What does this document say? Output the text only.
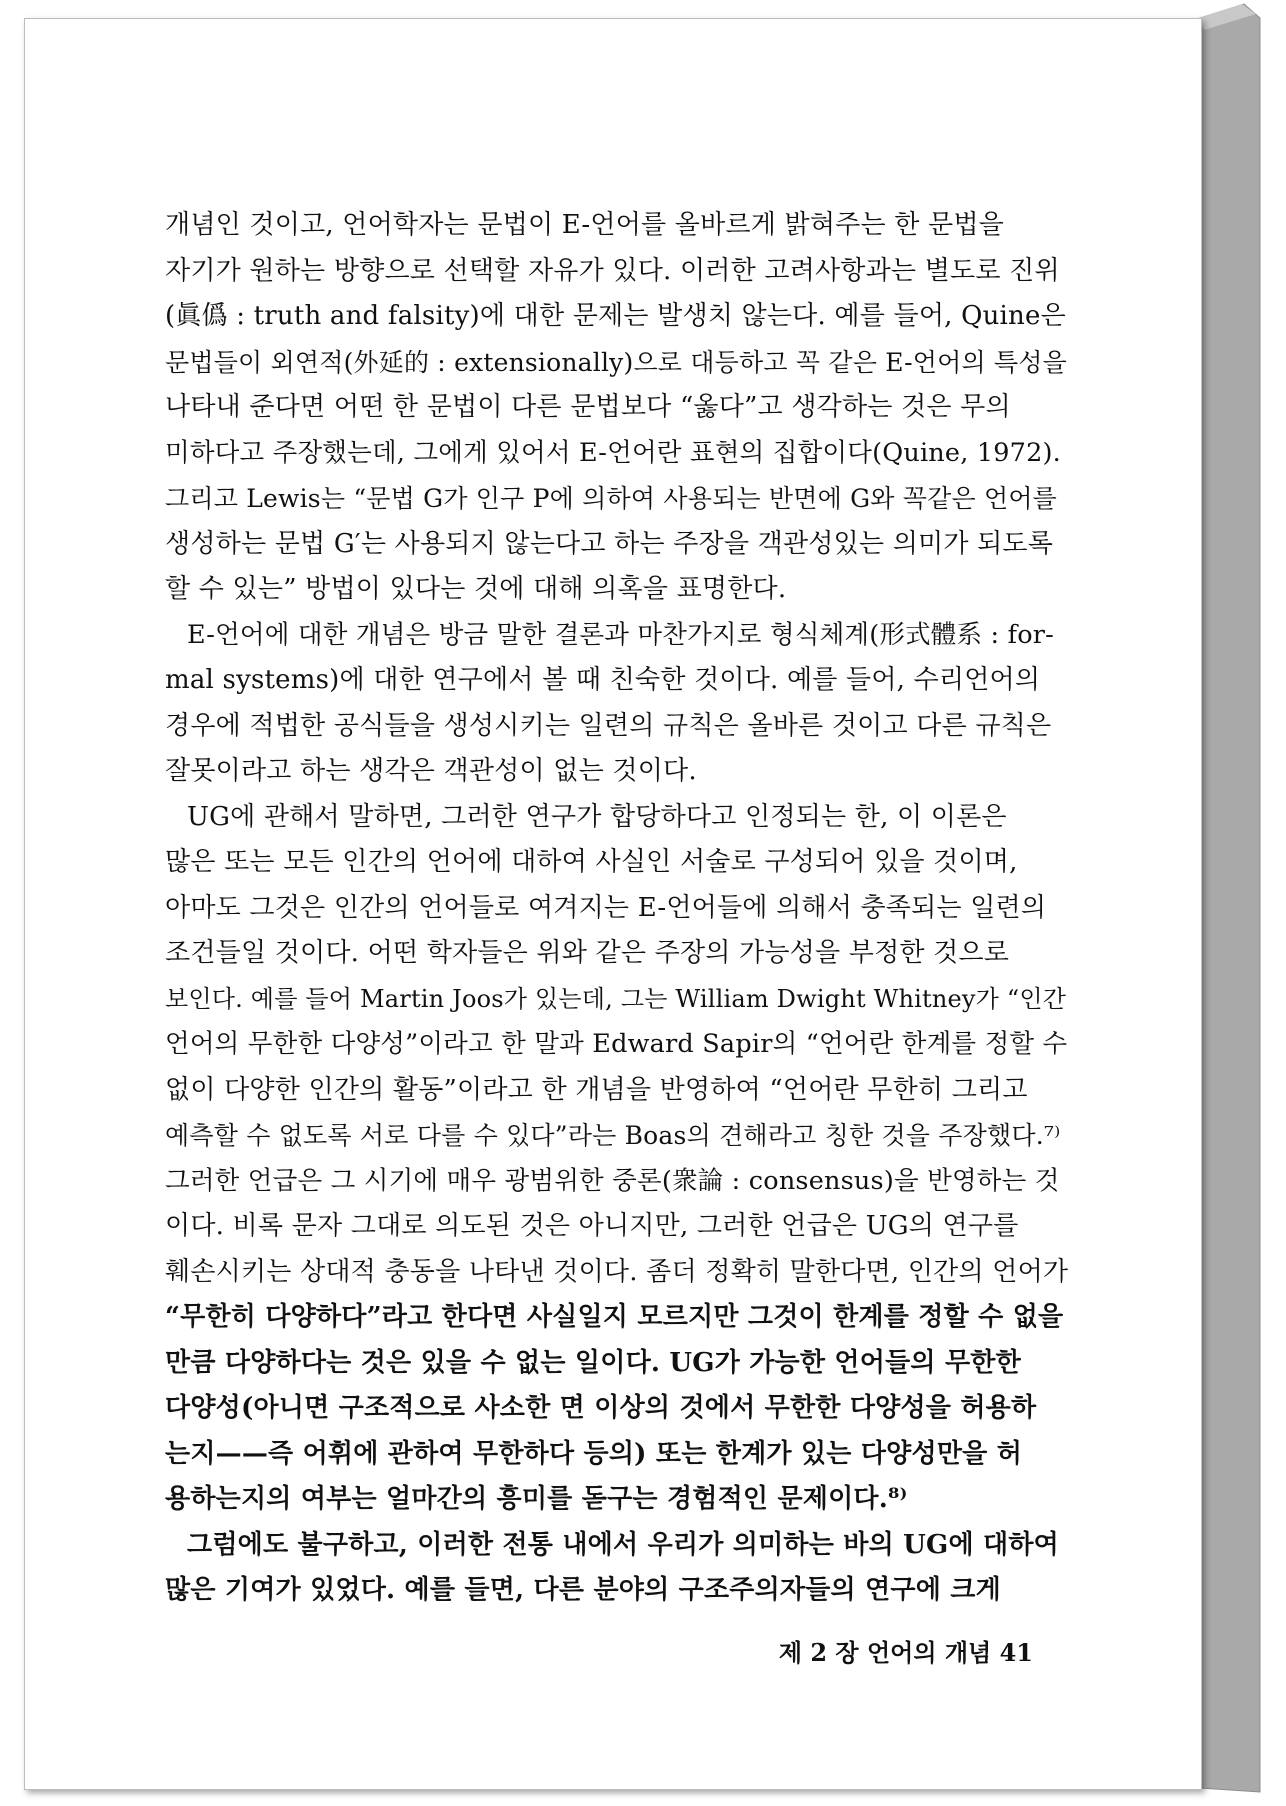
개념인 것이고, 언어학자는 문법이 E-언어를 올바르게 밝혀주는 한 문법을
자기가 원하는 방향으로 선택할 자유가 있다. 이러한 고려사항과는 별도로 진위
(眞僞 : truth and falsity)에 대한 문제는 발생치 않는다. 예를 들어, Quine은
문법들이 외연적(外延的 : extensionally)으로 대등하고 꼭 같은 E-언어의 특성을
나타내 준다면 어떤 한 문법이 다른 문법보다 “옳다”고 생각하는 것은 무의
미하다고 주장했는데, 그에게 있어서 E-언어란 표현의 집합이다(Quine, 1972).
그리고 Lewis는 “문법 G가 인구 P에 의하여 사용되는 반면에 G와 꼭같은 언어를
생성하는 문법 G′는 사용되지 않는다고 하는 주장을 객관성있는 의미가 되도록
할 수 있는” 방법이 있다는 것에 대해 의혹을 표명한다.
E-언어에 대한 개념은 방금 말한 결론과 마찬가지로 형식체계(形式體系 : for-
mal systems)에 대한 연구에서 볼 때 친숙한 것이다. 예를 들어, 수리언어의
경우에 적법한 공식들을 생성시키는 일련의 규칙은 올바른 것이고 다른 규칙은
잘못이라고 하는 생각은 객관성이 없는 것이다.
UG에 관해서 말하면, 그러한 연구가 합당하다고 인정되는 한, 이 이론은
많은 또는 모든 인간의 언어에 대하여 사실인 서술로 구성되어 있을 것이며,
아마도 그것은 인간의 언어들로 여겨지는 E-언어들에 의해서 충족되는 일련의
조건들일 것이다. 어떤 학자들은 위와 같은 주장의 가능성을 부정한 것으로
보인다. 예를 들어 Martin Joos가 있는데, 그는 William Dwight Whitney가 “인간
언어의 무한한 다양성”이라고 한 말과 Edward Sapir의 “언어란 한계를 정할 수
없이 다양한 인간의 활동”이라고 한 개념을 반영하여 “언어란 무한히 그리고
예측할 수 없도록 서로 다를 수 있다”라는 Boas의 견해라고 칭한 것을 주장했다.⁷⁾
그러한 언급은 그 시기에 매우 광범위한 중론(衆論 : consensus)을 반영하는 것
이다. 비록 문자 그대로 의도된 것은 아니지만, 그러한 언급은 UG의 연구를
훼손시키는 상대적 충동을 나타낸 것이다. 좀더 정확히 말한다면, 인간의 언어가
“무한히 다양하다”라고 한다면 사실일지 모르지만 그것이 한계를 정할 수 없을
만큼 다양하다는 것은 있을 수 없는 일이다. UG가 가능한 언어들의 무한한
다양성(아니면 구조적으로 사소한 면 이상의 것에서 무한한 다양성을 허용하
는지——즉 어휘에 관하여 무한하다 등의) 또는 한계가 있는 다양성만을 허
용하는지의 여부는 얼마간의 흥미를 돋구는 경험적인 문제이다.⁸⁾
그럼에도 불구하고, 이러한 전통 내에서 우리가 의미하는 바의 UG에 대하여
많은 기여가 있었다. 예를 들면, 다른 분야의 구조주의자들의 연구에 크게
제 2 장 언어의 개념 41
